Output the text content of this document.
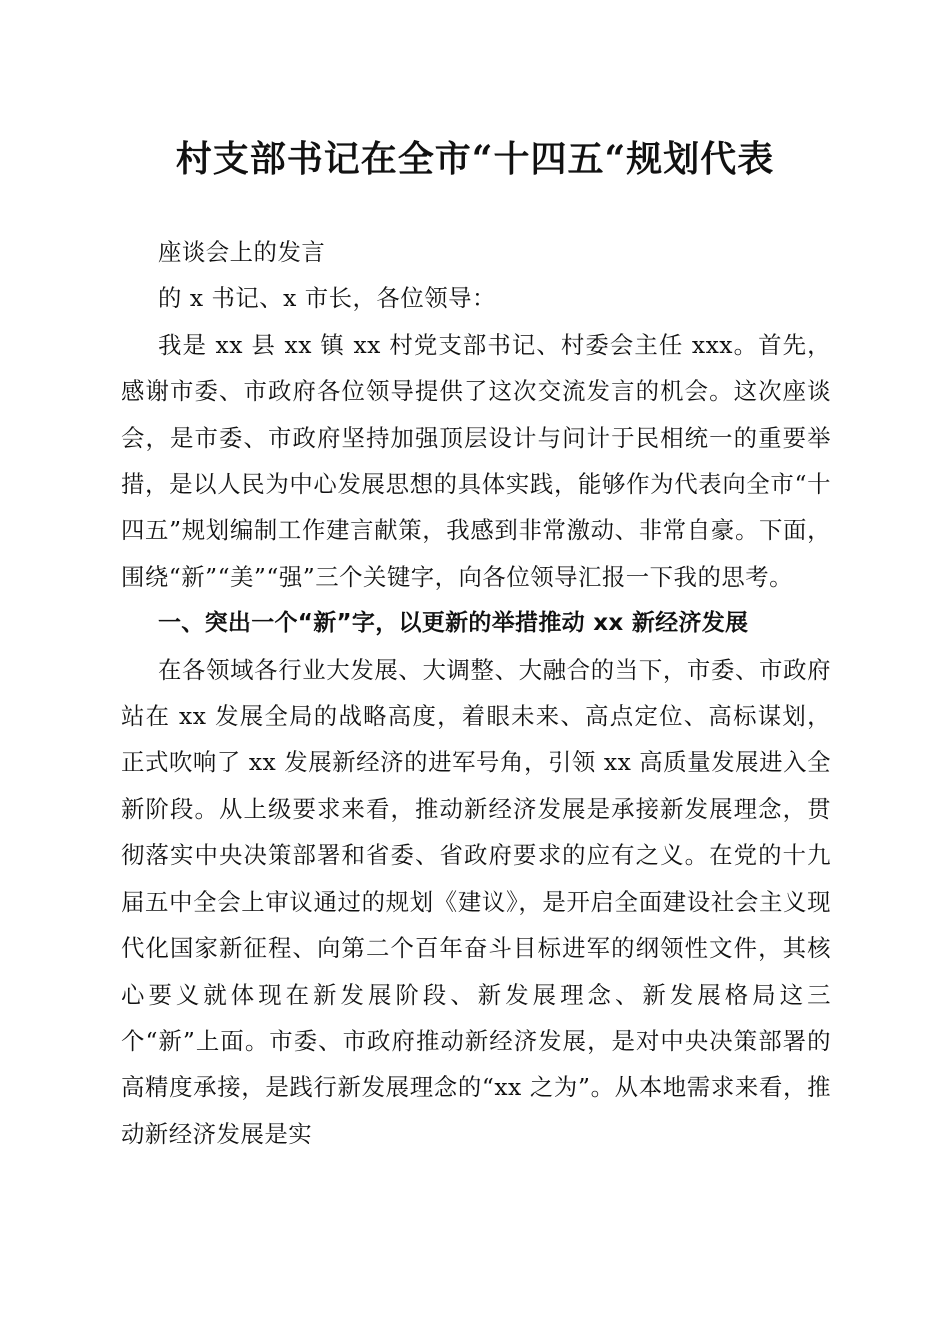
村支部书记在全市“十四五“规划代表

座谈会上的发言

的 x 书记、x 市长，各位领导：

我是 xx 县 xx 镇 xx 村党支部书记、村委会主任 xxx。首先，感谢市委、市政府各位领导提供了这次交流发言的机会。这次座谈会，是市委、市政府坚持加强顶层设计与问计于民相统一的重要举措，是以人民为中心发展思想的具体实践，能够作为代表向全市“十四五”规划编制工作建言献策，我感到非常激动、非常自豪。下面，围绕“新”“美”“强”三个关键字，向各位领导汇报一下我的思考。

一、突出一个“新”字，以更新的举措推动 xx 新经济发展

在各领域各行业大发展、大调整、大融合的当下，市委、市政府站在 xx 发展全局的战略高度，着眼未来、高点定位、高标谋划，正式吹响了 xx 发展新经济的进军号角，引领 xx 高质量发展进入全新阶段。从上级要求来看，推动新经济发展是承接新发展理念，贯彻落实中央决策部署和省委、省政府要求的应有之义。在党的十九届五中全会上审议通过的规划《建议》，是开启全面建设社会主义现代化国家新征程、向第二个百年奋斗目标进军的纲领性文件，其核心要义就体现在新发展阶段、新发展理念、新发展格局这三个“新”上面。市委、市政府推动新经济发展，是对中央决策部署的高精度承接，是践行新发展理念的“xx 之为”。从本地需求来看，推动新经济发展是实
